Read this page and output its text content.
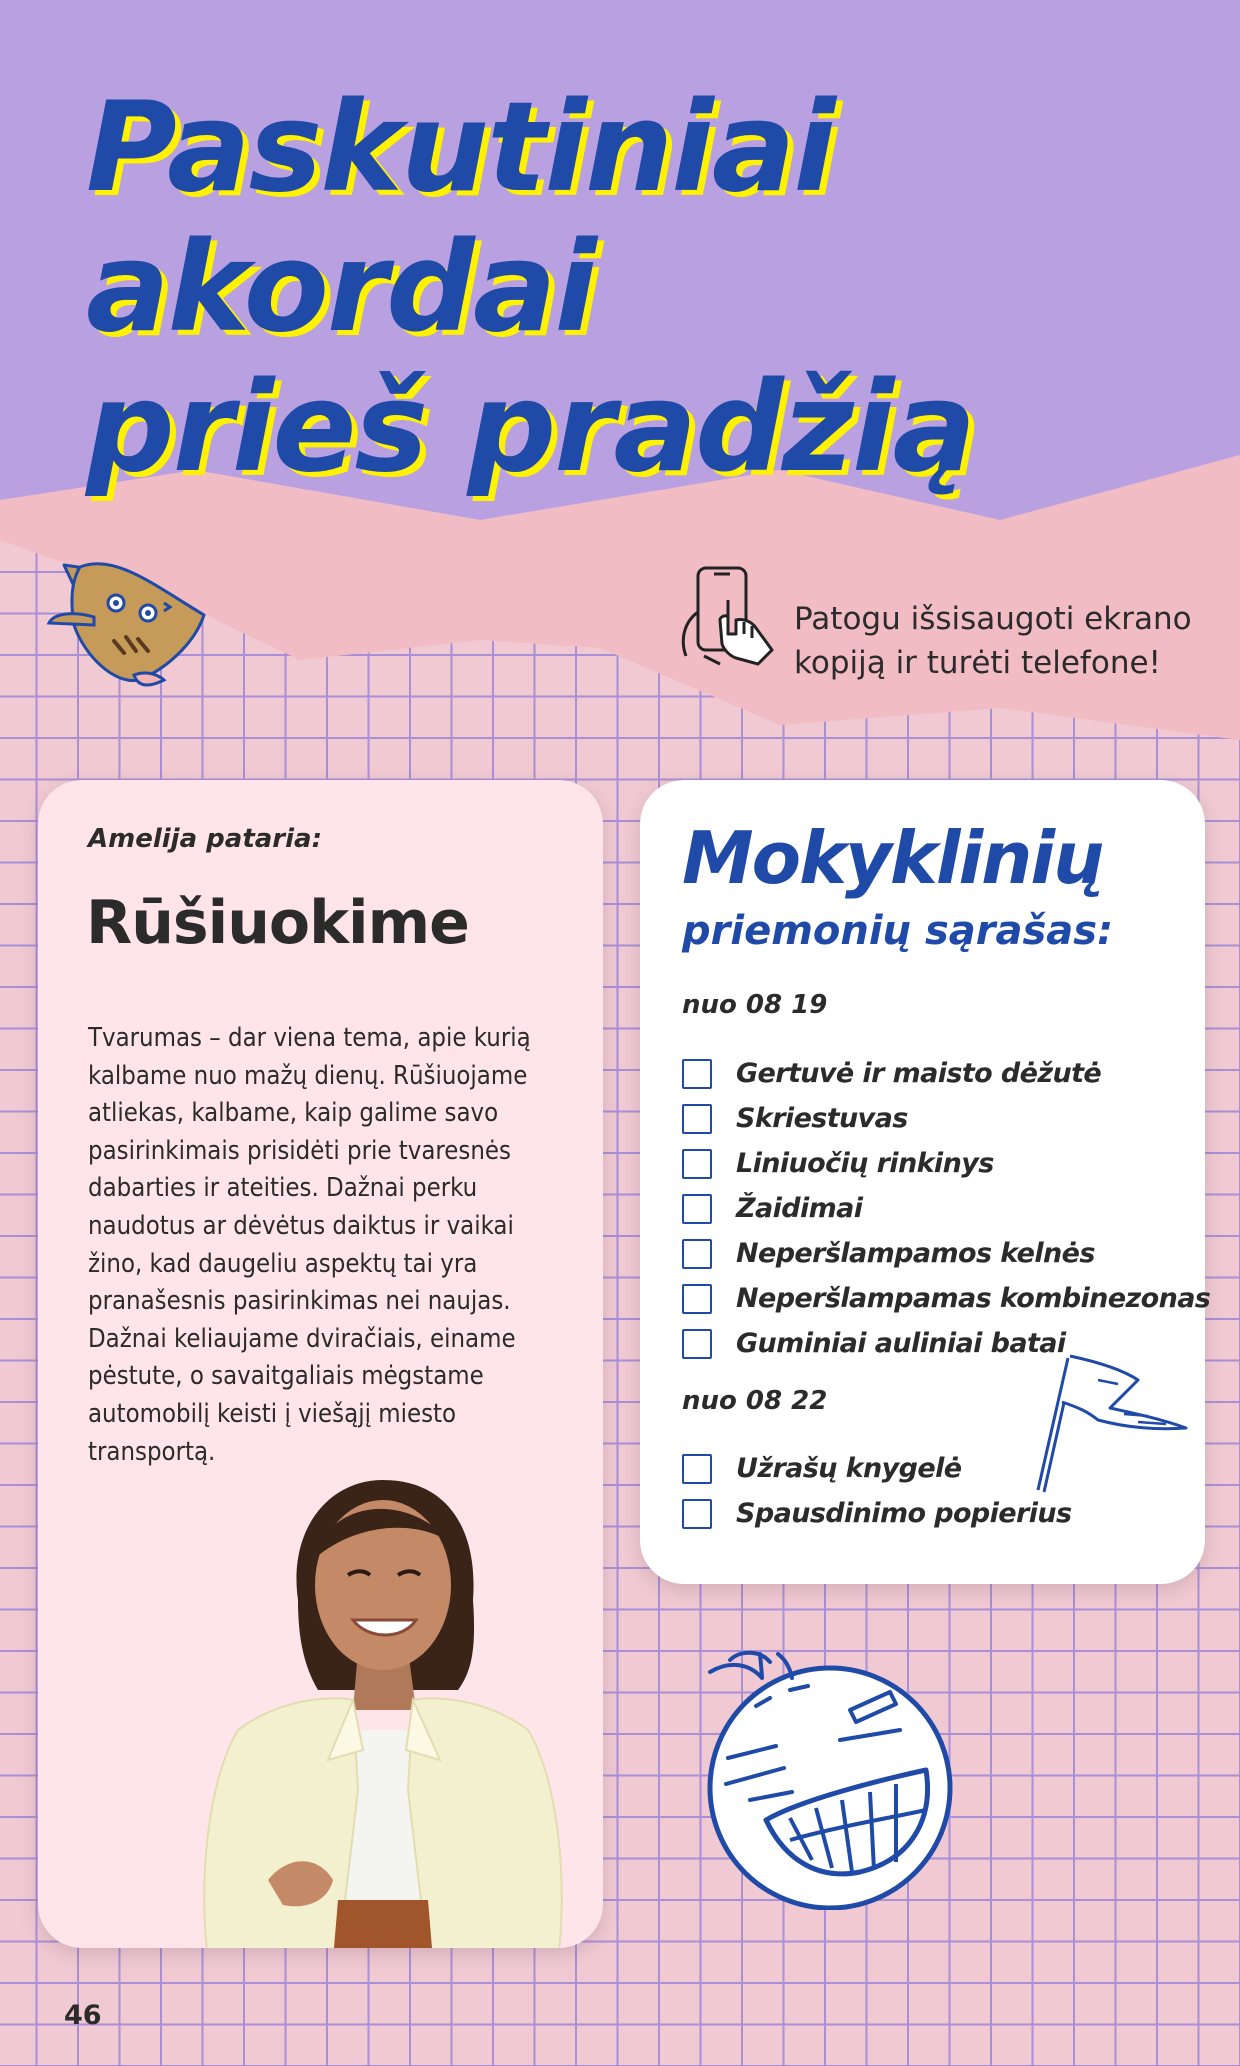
Paskutiniai akordai
prieš pradžią

Patogu išsisaugoti ekrano kopiją ir turėti telefone!

Amelija pataria:

Rūšiuokime

Tvarumas – dar viena tema, apie kurią kalbame nuo mažų dienų. Rūšiuojame atliekas, kalbame, kaip galime savo pasirinkimais prisidėti prie tvaresnės dabarties ir ateities. Dažnai perku naudotus ar dėvėtus daiktus ir vaikai žino, kad daugeliu aspektų tai yra pranašesnis pasirinkimas nei naujas. Dažnai keliaujame dviračiais, einame pėstute, o savaitgaliais mėgstame automobilį keisti į viešąjį miesto transportą.

Mokyklinių
priemonių sąrašas:

nuo 08 19

Gertuvė ir maisto dėžutė
Skriestuvas
Liniuočių rinkinys
Žaidimai
Neperšlampamos kelnės
Neperšlampamas kombinezonas
Guminiai auliniai batai

nuo 08 22

Užrašų knygelė
Spausdinimo popierius

46
